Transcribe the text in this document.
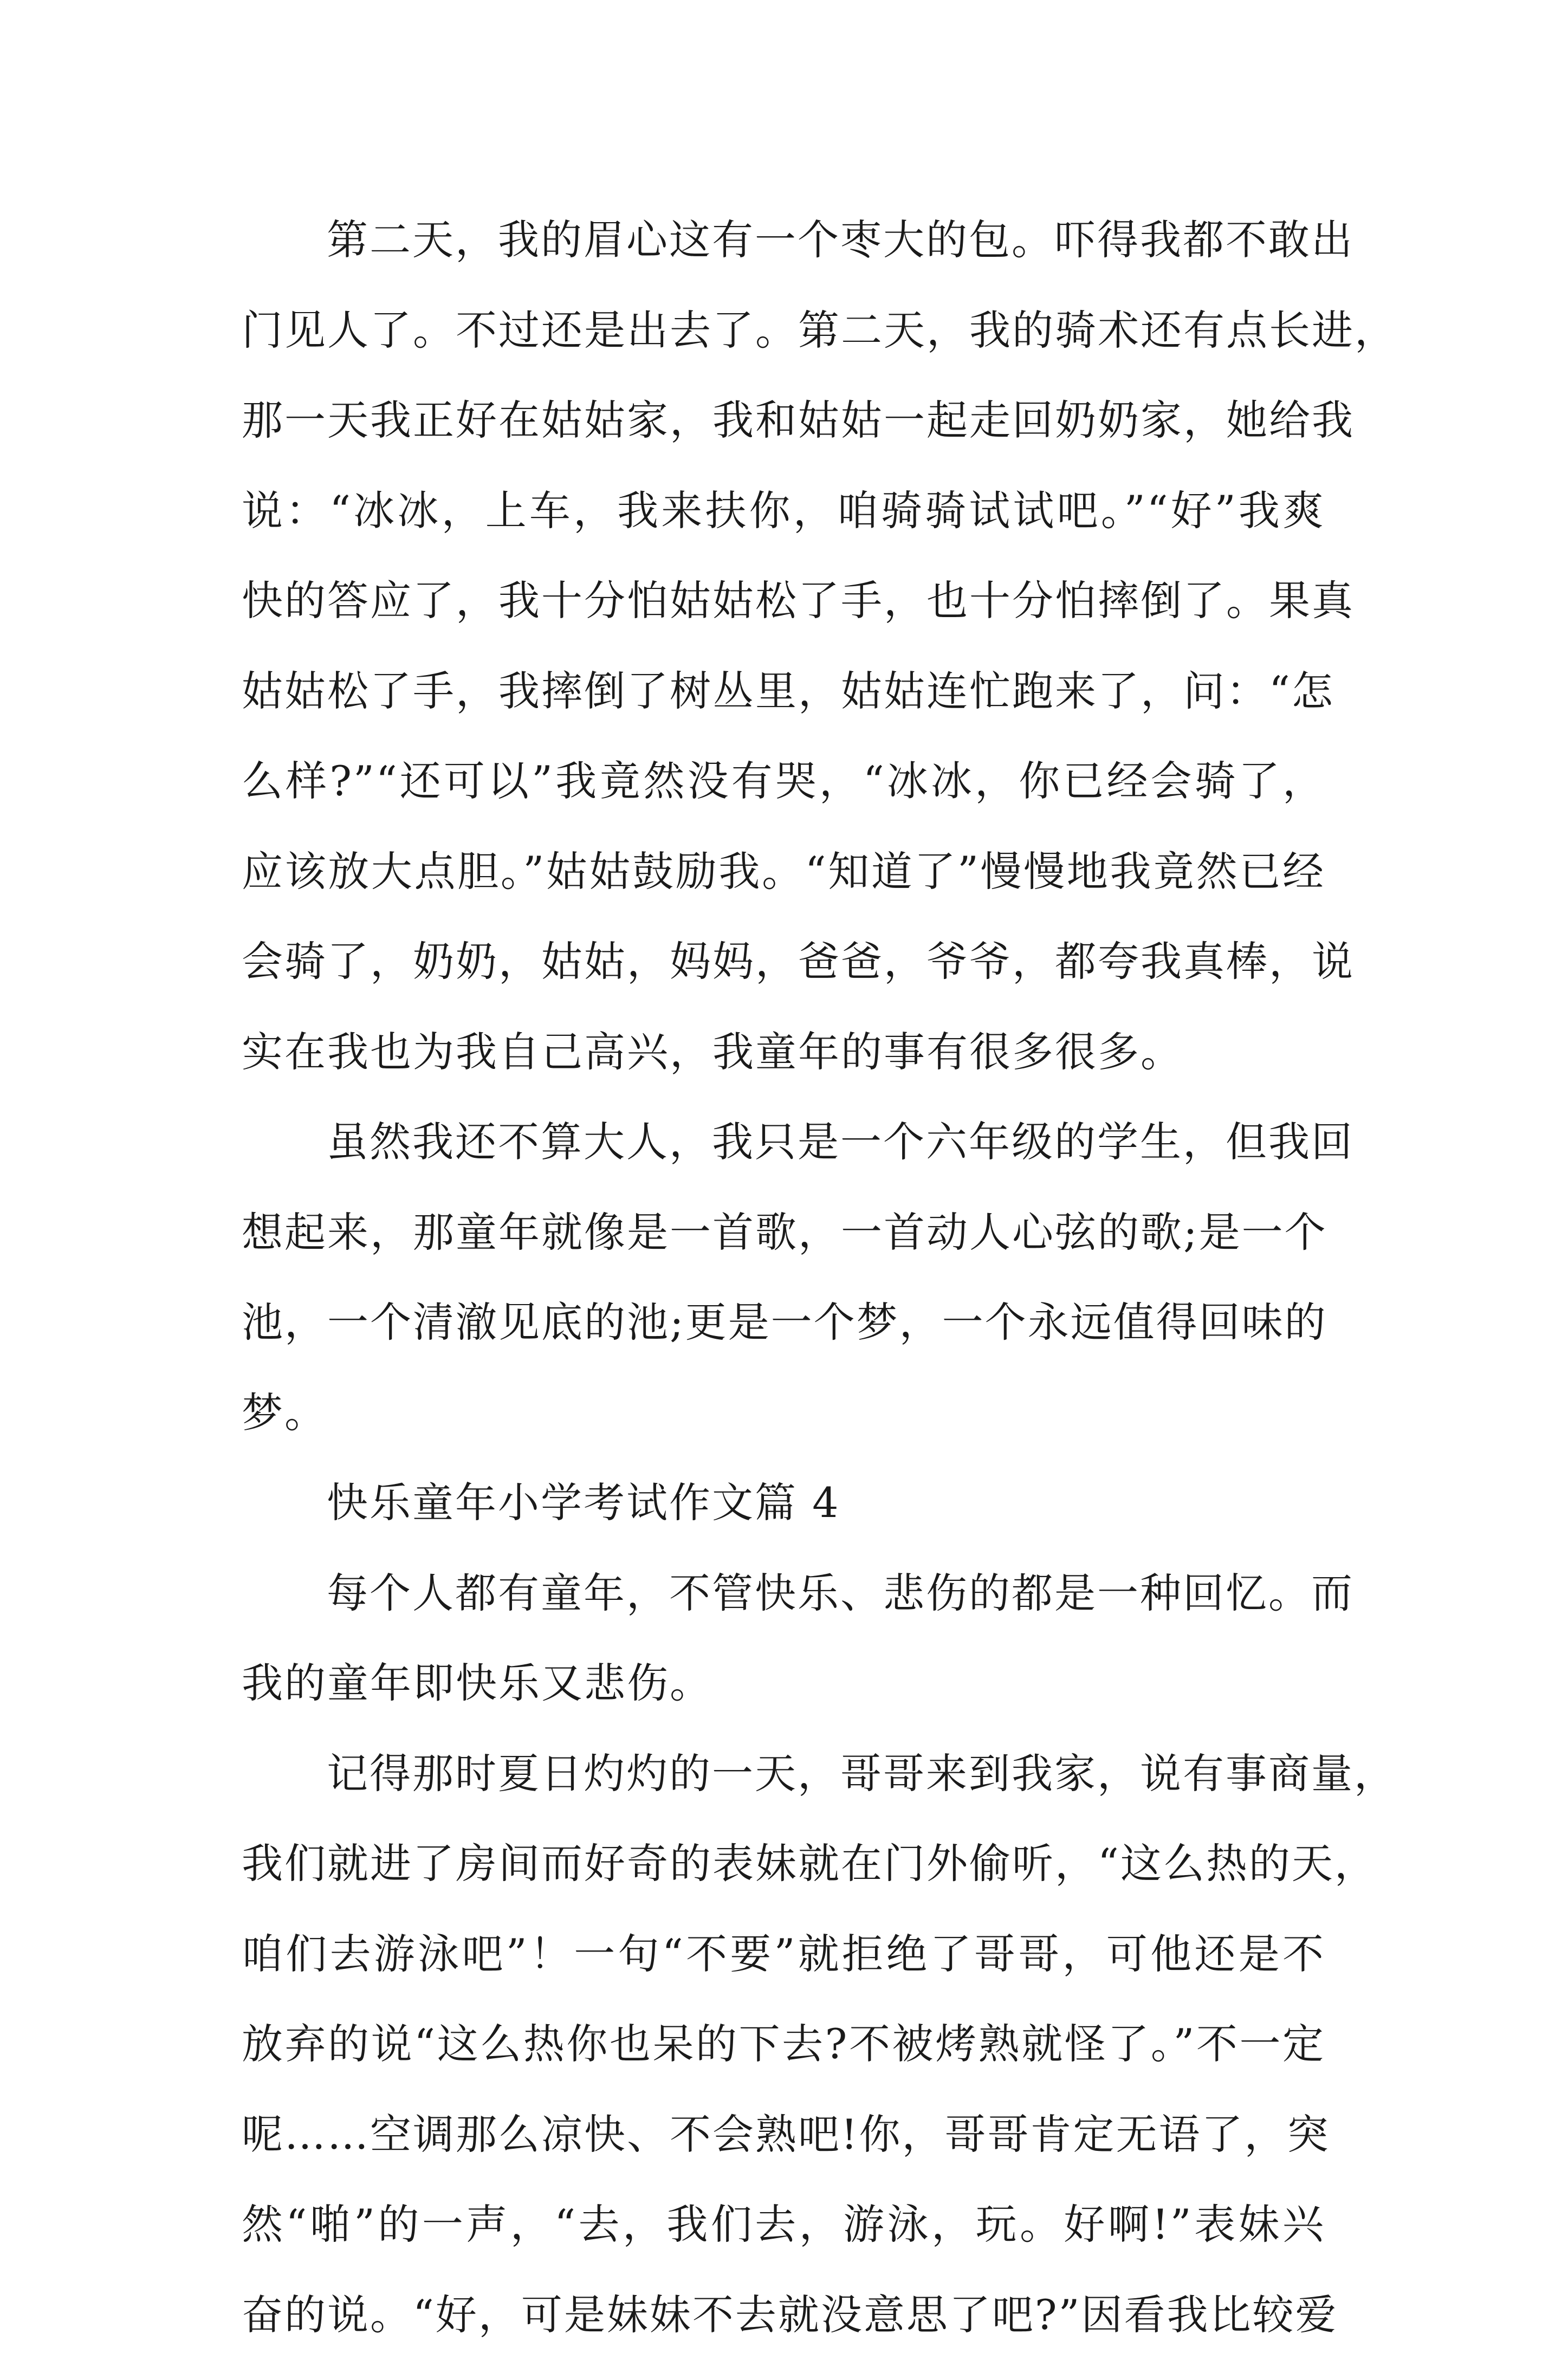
第二天，我的眉心这有一个枣大的包。吓得我都不敢出
门见人了。不过还是出去了。第二天，我的骑术还有点长进，
那一天我正好在姑姑家，我和姑姑一起走回奶奶家，她给我
说：“冰冰，上车，我来扶你，咱骑骑试试吧。”“好”我爽
快的答应了，我十分怕姑姑松了手，也十分怕摔倒了。果真
姑姑松了手，我摔倒了树丛里，姑姑连忙跑来了，问：“怎
么样?”“还可以”我竟然没有哭，“冰冰，你已经会骑了，
应该放大点胆。”姑姑鼓励我。“知道了”慢慢地我竟然已经
会骑了，奶奶，姑姑，妈妈，爸爸，爷爷，都夸我真棒，说
实在我也为我自己高兴，我童年的事有很多很多。
虽然我还不算大人，我只是一个六年级的学生，但我回
想起来，那童年就像是一首歌，一首动人心弦的歌;是一个
池，一个清澈见底的池;更是一个梦，一个永远值得回味的
梦。
快乐童年小学考试作文篇 4
每个人都有童年，不管快乐、悲伤的都是一种回忆。而
我的童年即快乐又悲伤。
记得那时夏日灼灼的一天，哥哥来到我家，说有事商量，
我们就进了房间而好奇的表妹就在门外偷听，“这么热的天，
咱们去游泳吧”！一句“不要”就拒绝了哥哥，可他还是不
放弃的说“这么热你也呆的下去?不被烤熟就怪了。”不一定
呢……空调那么凉快、不会熟吧!你，哥哥肯定无语了，突
然“啪”的一声，“去，我们去，游泳，玩。好啊!”表妹兴
奋的说。“好，可是妹妹不去就没意思了吧?”因看我比较爱
